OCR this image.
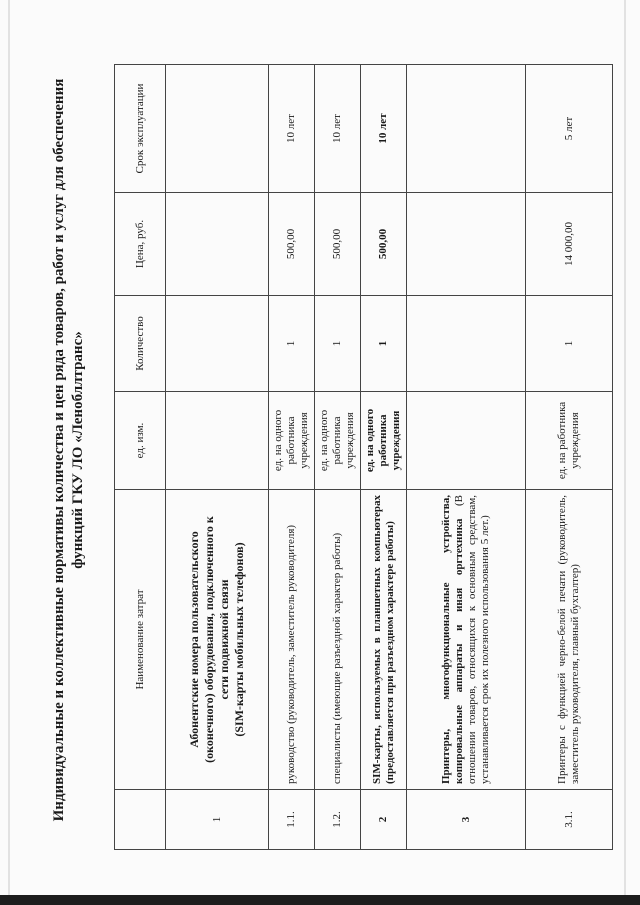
Индивидуальные и коллективные нормативы количества и цен ряда товаров, работ и услуг для обеспечения функций ГКУ ЛО «Ленобллтранс»
	Наименование затрат	ед. изм.	Количество	Цена, руб.	Срок эксплуатации
1	Абонентские номера пользовательского (оконечного) оборудования, подключенного к сети подвижной связи (SIM-карты мобильных телефонов)				

1.1.	руководство (руководитель, заместитель руководителя)	ед. на одного работника учреждения	1	500,00	10 лет
1.2.	специалисты (имеющие разъездной характер работы)	ед. на одного работника учреждения	1	500,00	10 лет
2	SIM-карты, используемых в планшетных компьютерах (предоставляется при разъездном характере работы)	ед. на одного работника учреждения	1	500,00	10 лет
3	Принтеры, многофункциональные устройства, копировальные аппараты и иная оргтехника (В отношении товаров, относящихся к основным средствам, устанавливается срок их полезного использования 5 лет.)				
3.1.	Принтеры с функцией черно-белой печати (руководитель, заместитель руководителя, главный бухгалтер)	ед. на работника учреждения	1	14 000,00	5 лет
